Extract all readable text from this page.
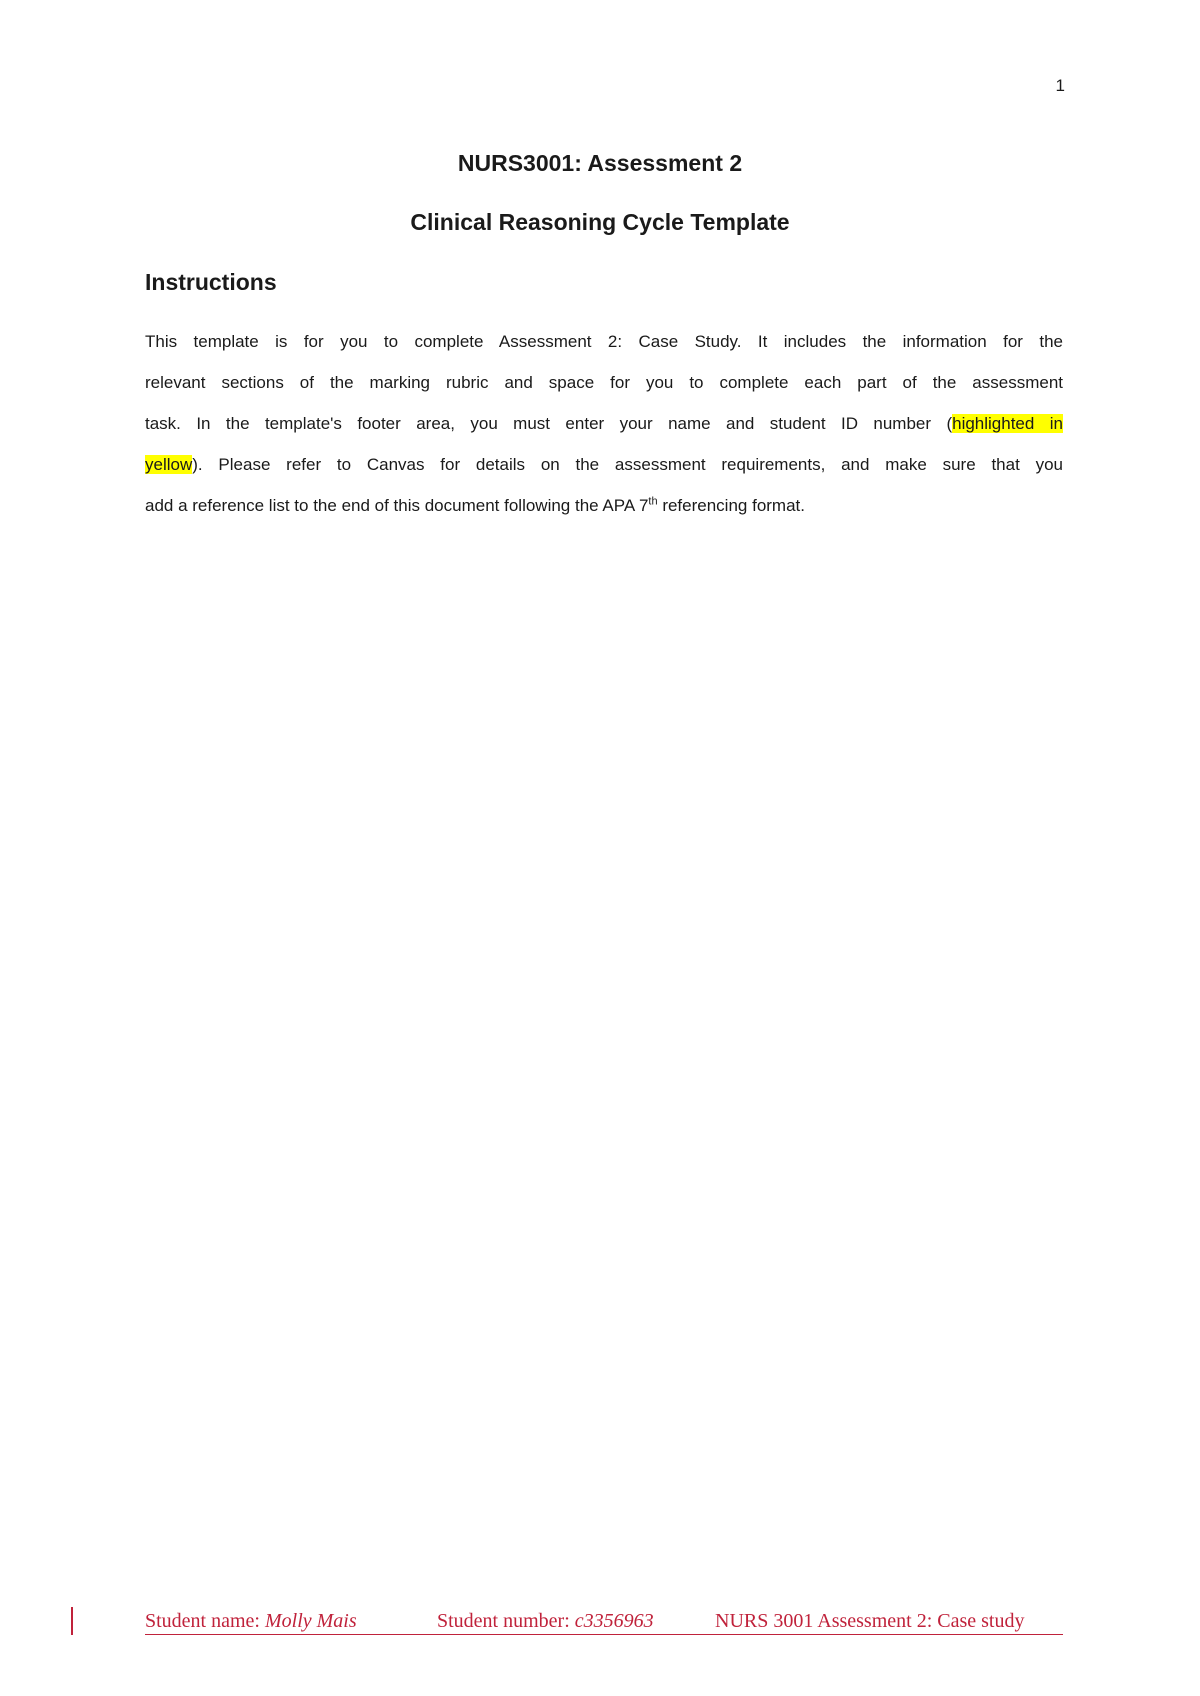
1
NURS3001: Assessment 2
Clinical Reasoning Cycle Template
Instructions
This template is for you to complete Assessment 2: Case Study. It includes the information for the
relevant sections of the marking rubric and space for you to complete each part of the assessment
task. In the template's footer area, you must enter your name and student ID number (highlighted in
yellow). Please refer to Canvas for details on the assessment requirements, and make sure that you
add a reference list to the end of this document following the APA 7th referencing format.
Student name: Molly Mais	Student number: c3356963	NURS 3001 Assessment 2: Case study
